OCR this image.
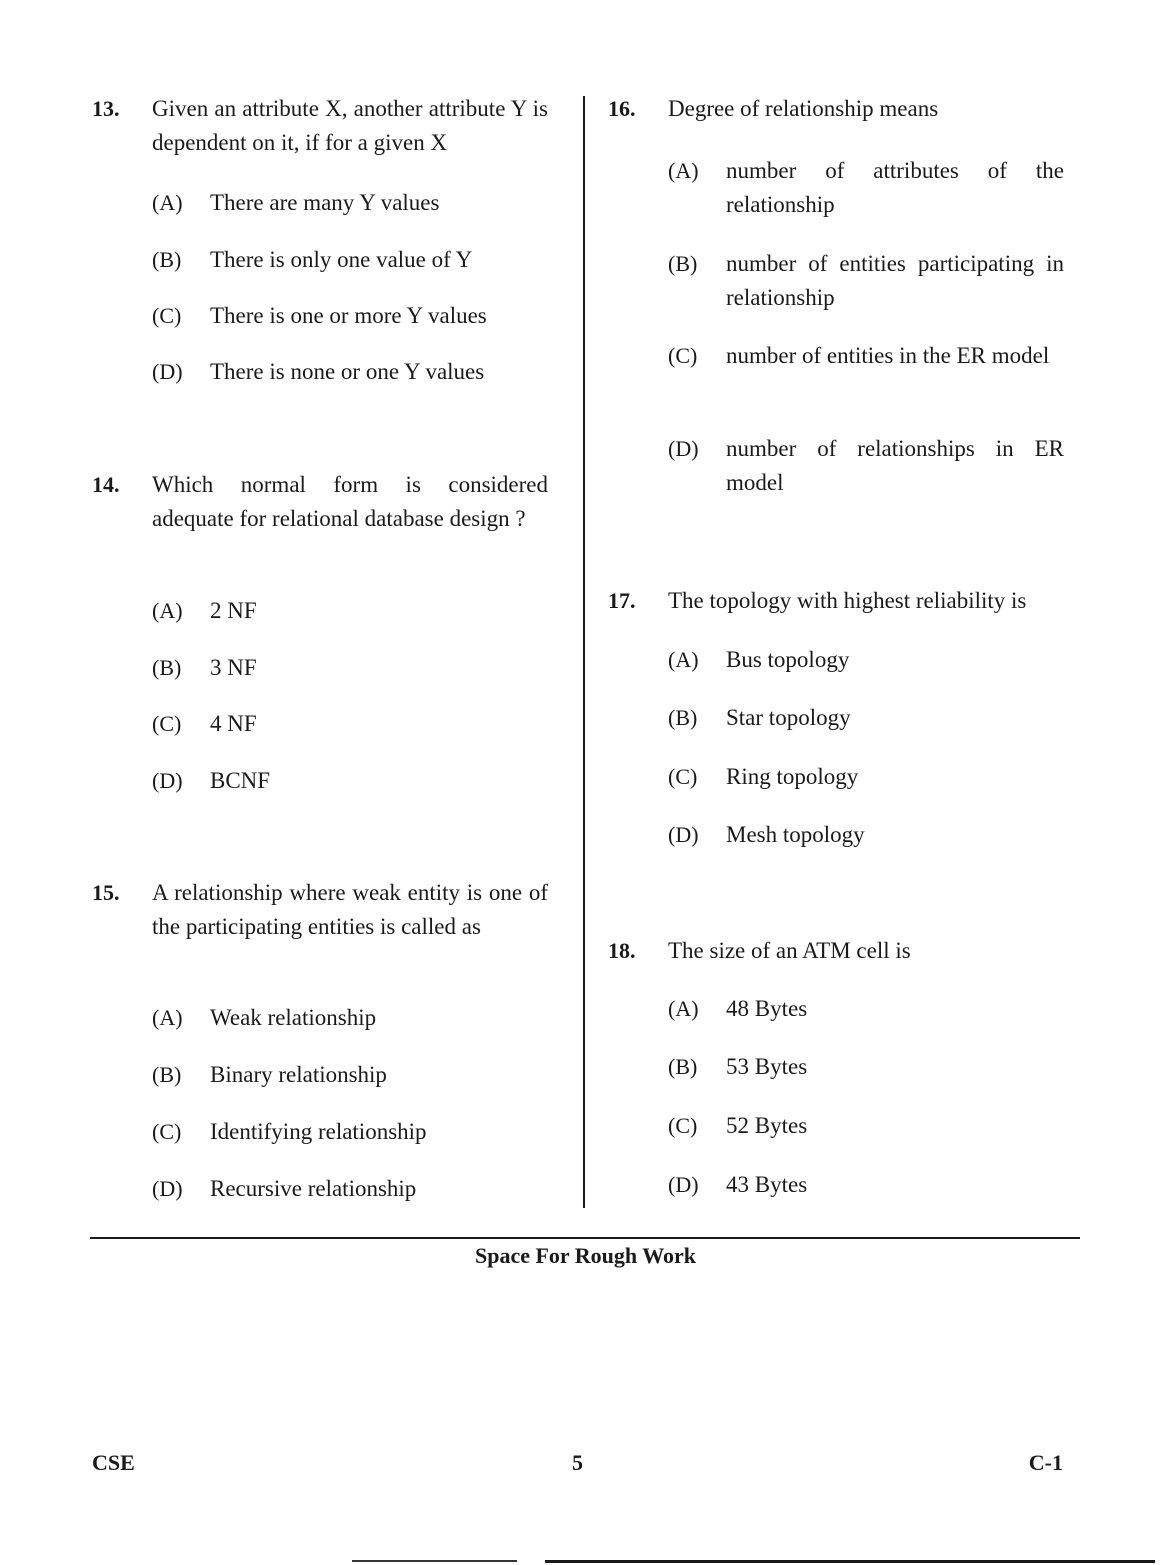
13. Given an attribute X, another attribute Y is dependent on it, if for a given X
(A) There are many Y values
(B) There is only one value of Y
(C) There is one or more Y values
(D) There is none or one Y values
14. Which normal form is considered adequate for relational database design ?
(A) 2 NF
(B) 3 NF
(C) 4 NF
(D) BCNF
15. A relationship where weak entity is one of the participating entities is called as
(A) Weak relationship
(B) Binary relationship
(C) Identifying relationship
(D) Recursive relationship
16. Degree of relationship means
(A) number of attributes of the relationship
(B) number of entities participating in relationship
(C) number of entities in the ER model
(D) number of relationships in ER model
17. The topology with highest reliability is
(A) Bus topology
(B) Star topology
(C) Ring topology
(D) Mesh topology
18. The size of an ATM cell is
(A) 48 Bytes
(B) 53 Bytes
(C) 52 Bytes
(D) 43 Bytes
Space For Rough Work
CSE	5	C-1
